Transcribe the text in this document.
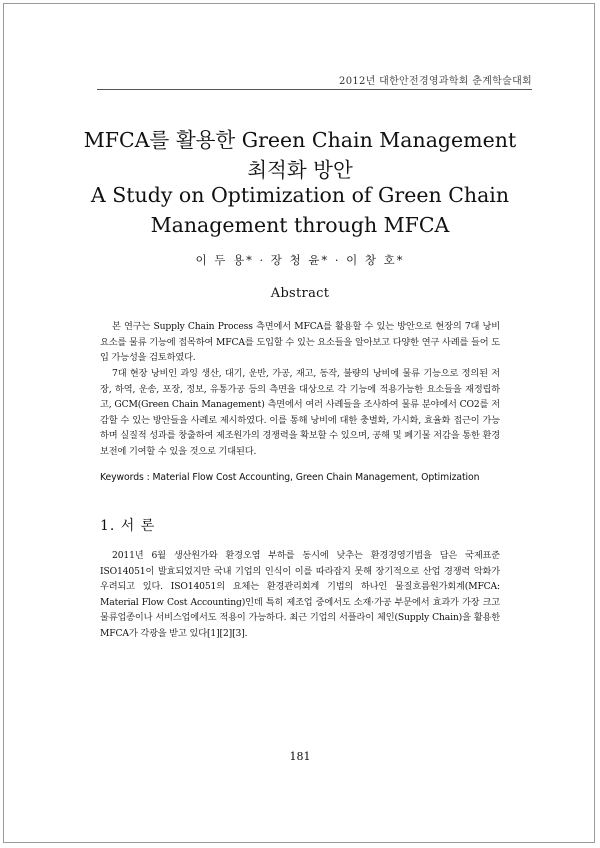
2012년 대한안전경영과학회 춘계학술대회
MFCA를 활용한 Green Chain Management
최적화 방안
A Study on Optimization of Green Chain
Management through MFCA
이 두 용* · 장 청 윤* · 이 창 호*
Abstract

본 연구는 Supply Chain Process 측면에서 MFCA를 활용할 수 있는 방안으로 현장의 7대 낭비 요소를 물류 기능에 접목하여 MFCA를 도입할 수 있는 요소들을 알아보고 다양한 연구 사례를 들어 도입 가능성을 검토하였다.

7대 현장 낭비인 과잉 생산, 대기, 운반, 가공, 재고, 동작, 불량의 낭비에 물류 기능으로 정의된 저장, 하역, 운송, 포장, 정보, 유통가공 등의 측면을 대상으로 각 기능에 적용가능한 요소들을 재정립하고, GCM(Green Chain Management) 측면에서 여러 사례들을 조사하여 물류 분야에서 CO2를 저감할 수 있는 방안들을 사례로 제시하였다. 이를 통해 낭비에 대한 충별화, 가시화, 효율화 접근이 가능하며 실질적 성과를 창출하여 제조원가의 경쟁력을 확보할 수 있으며, 공해 및 폐기물 저감을 통한 환경 보전에 기여할 수 있을 것으로 기대된다.

Keywords : Material Flow Cost Accounting, Green Chain Management, Optimization
1. 서 론

2011년 6월 생산원가와 환경오염 부하를 동시에 낮추는 환경경영기법을 담은 국제표준 ISO14051이 발효되었지만 국내 기업의 인식이 이를 따라잡지 못해 장기적으로 산업 경쟁력 악화가 우려되고 있다. ISO14051의 요체는 환경관리회계 기법의 하나인 물질흐름원가회계(MFCA: Material Flow Cost Accounting)인데 특히 제조업 중에서도 소재·가공 부문에서 효과가 가장 크고 물류업종이나 서비스업에서도 적용이 가능하다. 최근 기업의 서플라이 체인(Supply Chain)을 활용한 MFCA가 각광을 받고 있다[1][2][3].

181
